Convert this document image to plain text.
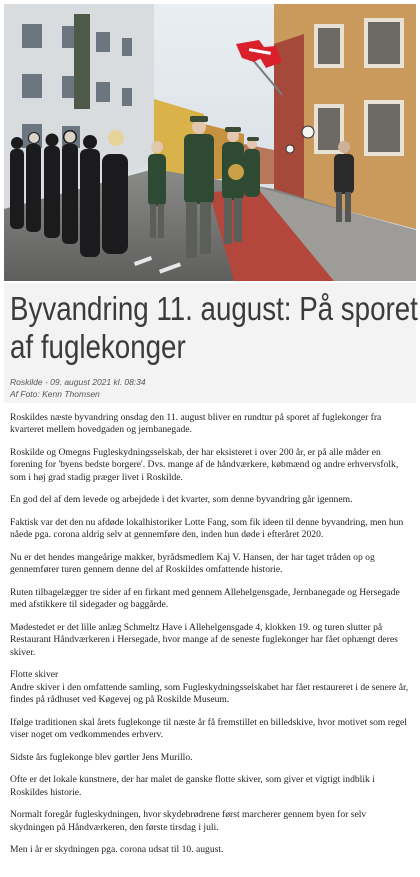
Byvandring 11. august: På sporet
af fuglekonger
Roskilde - 09. august 2021 kl. 08:34
Af Foto: Kenn Thomsen

Roskildes næste byvandring onsdag den 11. august bliver en rundtur på sporet af fuglekonger fra kvarteret mellem hovedgaden og jernbanegade.

Roskilde og Omegns Fugleskydningsselskab, der har eksisteret i over 200 år, er på alle måder en forening for 'byens bedste borgere'. Dvs. mange af de håndværkere, købmænd og andre erhvervsfolk, som i høj grad stadig præger livet i Roskilde.

En god del af dem levede og arbejdede i det kvarter, som denne byvandring går igennem.

Faktisk var det den nu afdøde lokalhistoriker Lotte Fang, som fik ideen til denne byvandring, men hun nåede pga. corona aldrig selv at gennemføre den, inden hun døde i efteråret 2020.

Nu er det hendes mangeårige makker, byrådsmedlem Kaj V. Hansen, der har taget tråden op og gennemfører turen gennem denne del af Roskildes omfattende historie.

Ruten tilbagelægger tre sider af en firkant med gennem Allehelgensgade, Jernbanegade og Hersegade med afstikkere til sidegader og baggårde.

Mødestedet er det lille anlæg Schmeltz Have i Allehelgensgade 4, klokken 19. og turen slutter på Restaurant Håndværkeren i Hersegade, hvor mange af de seneste fuglekonger har fået ophængt deres skiver.

Flotte skiver
Andre skiver i den omfattende samling, som Fugleskydningsselskabet har fået restaureret i de senere år, findes på rådhuset ved Køgevej og på Roskilde Museum.

Ifølge traditionen skal årets fuglekonge til næste år få fremstillet en billedskive, hvor motivet som regel viser noget om vedkommendes erhverv.

Sidste års fuglekonge blev gørtler Jens Murillo.

Ofte er det lokale kunstnere, der har malet de ganske flotte skiver, som giver et vigtigt indblik i Roskildes historie.

Normalt foregår fugleskydningen, hvor skydebrødrene først marcherer gennem byen for selv skydningen på Håndværkeren, den første tirsdag i juli.

Men i år er skydningen pga. corona udsat til 10. august.
